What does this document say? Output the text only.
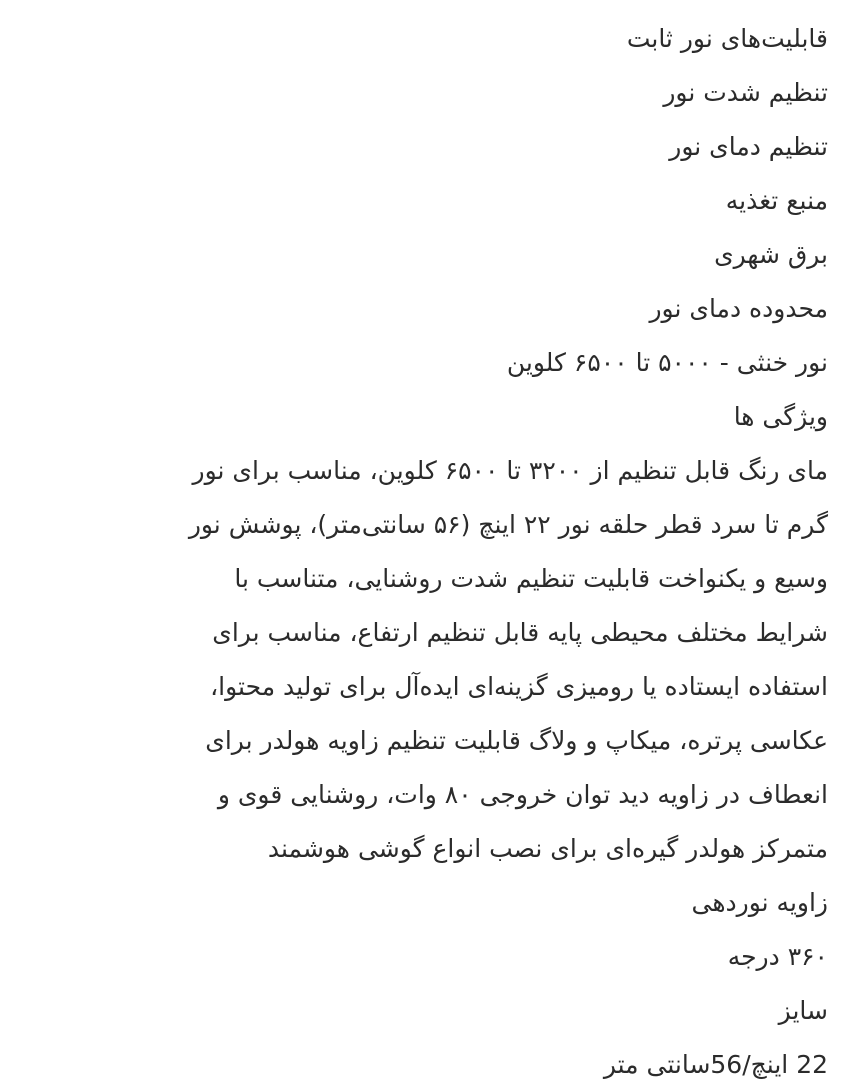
قابلیت‌های نور ثابت
تنظیم شدت نور
تنظیم دمای نور
منبع تغذیه
برق شهری
محدوده دمای نور
نور خنثی - ۵۰۰۰ تا ۶۵۰۰ کلوین
ویژگی ها
مای رنگ قابل تنظیم از ۳۲۰۰ تا ۶۵۰۰ کلوین، مناسب برای نور
گرم تا سرد قطر حلقه نور ۲۲ اینچ (۵۶ سانتی‌متر)، پوشش نور
وسیع و یکنواخت قابلیت تنظیم شدت روشنایی، متناسب با
شرایط مختلف محیطی پایه قابل تنظیم ارتفاع، مناسب برای
استفاده ایستاده یا رومیزی گزینه‌ای ایده‌آل برای تولید محتوا،
عکاسی پرتره، میکاپ و ولاگ قابلیت تنظیم زاویه هولدر برای
انعطاف در زاویه دید توان خروجی ۸۰ وات، روشنایی قوی و
متمرکز هولدر گیره‌ای برای نصب انواع گوشی هوشمند
زاویه نوردهی
۳۶۰ درجه
سایز
22 اینچ/56سانتی متر
